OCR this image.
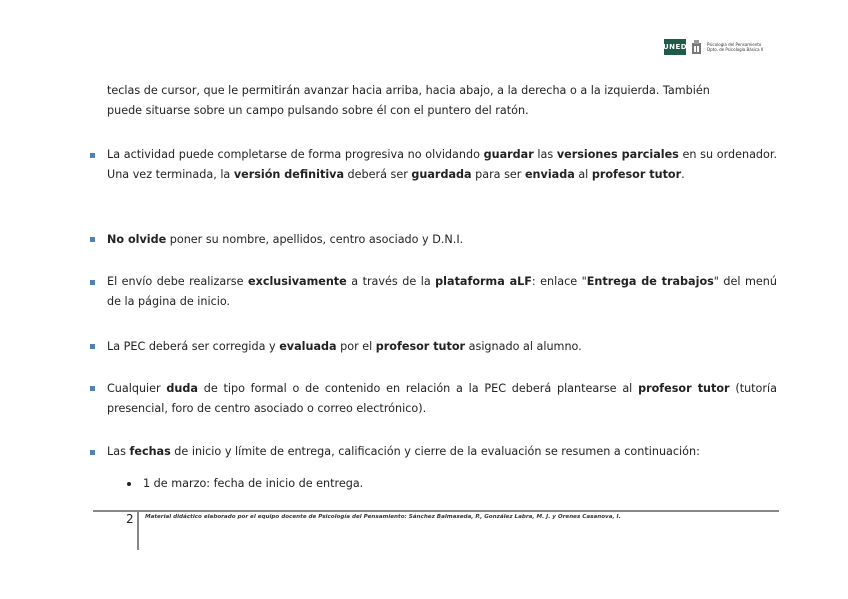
UNED	Psicología del Pensamiento
Dpto. de Psicología Básica II
teclas de cursor, que le permitirán avanzar hacia arriba, hacia abajo, a la derecha o a la izquierda. También
puede situarse sobre un campo pulsando sobre él con el puntero del ratón.
La actividad puede completarse de forma progresiva no olvidando guardar las versiones parciales en su ordenador. Una vez terminada, la versión definitiva deberá ser guardada para ser enviada al profesor tutor.
No olvide poner su nombre, apellidos, centro asociado y D.N.I.
El envío debe realizarse exclusivamente a través de la plataforma aLF: enlace "Entrega de trabajos" del menú de la página de inicio.
La PEC deberá ser corregida y evaluada por el profesor tutor asignado al alumno.
Cualquier duda de tipo formal o de contenido en relación a la PEC deberá plantearse al profesor tutor (tutoría presencial, foro de centro asociado o correo electrónico).
Las fechas de inicio y límite de entrega, calificación y cierre de la evaluación se resumen a continuación:
1 de marzo: fecha de inicio de entrega.
2 Material didáctico elaborado por el equipo docente de Psicología del Pensamiento: Sánchez Balmaseda, P., González Labra, M. J. y Orenes Casanova, I.
